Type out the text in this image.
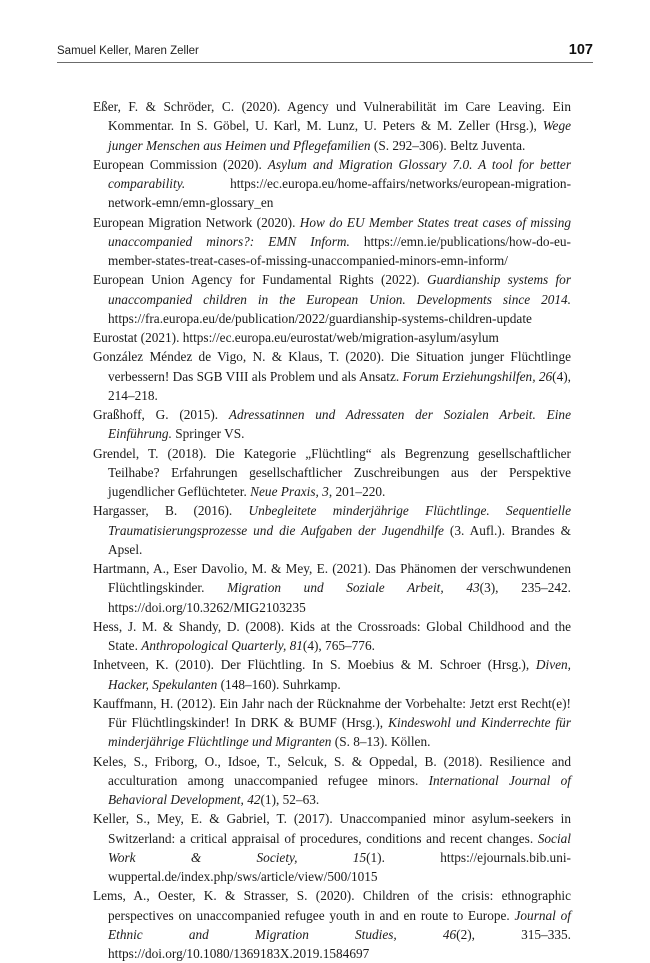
Samuel Keller, Maren Zeller	107

Eßer, F. & Schröder, C. (2020). Agency und Vulnerabilität im Care Leaving. Ein Kommentar. In S. Göbel, U. Karl, M. Lunz, U. Peters & M. Zeller (Hrsg.), Wege junger Menschen aus Heimen und Pflegefamilien (S. 292–306). Beltz Juventa.

European Commission (2020). Asylum and Migration Glossary 7.0. A tool for better comparability. https://ec.europa.eu/home-affairs/networks/european-migration-network-emn/emn-glossary_en

European Migration Network (2020). How do EU Member States treat cases of missing unaccompanied minors?: EMN Inform. https://emn.ie/publications/how-do-eu-member-states-treat-cases-of-missing-unaccompanied-minors-emn-inform/

European Union Agency for Fundamental Rights (2022). Guardianship systems for unaccompanied children in the European Union. Developments since 2014. https://fra.europa.eu/de/publication/2022/guardianship-systems-children-update

Eurostat (2021). https://ec.europa.eu/eurostat/web/migration-asylum/asylum

González Méndez de Vigo, N. & Klaus, T. (2020). Die Situation junger Flüchtlinge verbessern! Das SGB VIII als Problem und als Ansatz. Forum Erziehungshilfen, 26(4), 214–218.

Graßhoff, G. (2015). Adressatinnen und Adressaten der Sozialen Arbeit. Eine Einführung. Springer VS.

Grendel, T. (2018). Die Kategorie „Flüchtling“ als Begrenzung gesellschaftlicher Teilhabe? Erfahrungen gesellschaftlicher Zuschreibungen aus der Perspektive jugendlicher Geflüchteter. Neue Praxis, 3, 201–220.

Hargasser, B. (2016). Unbegleitete minderjährige Flüchtlinge. Sequentielle Traumatisierungsprozesse und die Aufgaben der Jugendhilfe (3. Aufl.). Brandes & Apsel.

Hartmann, A., Eser Davolio, M. & Mey, E. (2021). Das Phänomen der verschwundenen Flüchtlingskinder. Migration und Soziale Arbeit, 43(3), 235–242. https://doi.org/10.3262/MIG2103235

Hess, J. M. & Shandy, D. (2008). Kids at the Crossroads: Global Childhood and the State. Anthropological Quarterly, 81(4), 765–776.

Inhetveen, K. (2010). Der Flüchtling. In S. Moebius & M. Schroer (Hrsg.), Diven, Hacker, Spekulanten (148–160). Suhrkamp.

Kauffmann, H. (2012). Ein Jahr nach der Rücknahme der Vorbehalte: Jetzt erst Recht(e)! Für Flüchtlingskinder! In DRK & BUMF (Hrsg.), Kindeswohl und Kinderrechte für minderjährige Flüchtlinge und Migranten (S. 8–13). Köllen.

Keles, S., Friborg, O., Idsoe, T., Selcuk, S. & Oppedal, B. (2018). Resilience and acculturation among unaccompanied refugee minors. International Journal of Behavioral Development, 42(1), 52–63.

Keller, S., Mey, E. & Gabriel, T. (2017). Unaccompanied minor asylum-seekers in Switzerland: a critical appraisal of procedures, conditions and recent changes. Social Work & Society, 15(1). https://ejournals.bib.uni-wuppertal.de/index.php/sws/article/view/500/1015

Lems, A., Oester, K. & Strasser, S. (2020). Children of the crisis: ethnographic perspectives on unaccompanied refugee youth in and en route to Europe. Journal of Ethnic and Migration Studies, 46(2), 315–335. https://doi.org/10.1080/1369183X.2019.1584697
